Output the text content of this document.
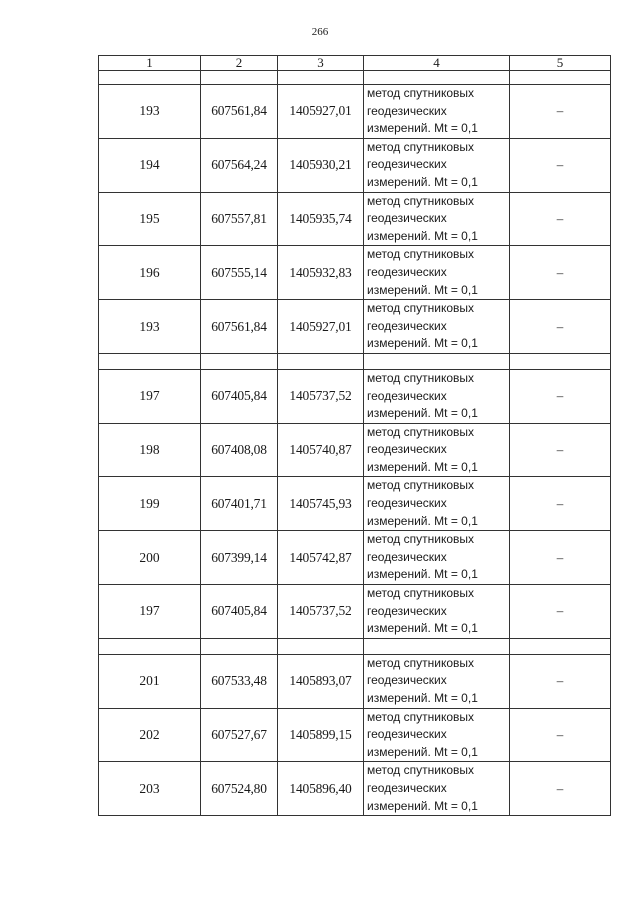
266
1	2	3	4	5

193	607561,84	1405927,01	метод спутниковых
геодезических
измерений. Mt = 0,1	–
194	607564,24	1405930,21	метод спутниковых
геодезических
измерений. Mt = 0,1	–
195	607557,81	1405935,74	метод спутниковых
геодезических
измерений. Mt = 0,1	–
196	607555,14	1405932,83	метод спутниковых
геодезических
измерений. Mt = 0,1	–
193	607561,84	1405927,01	метод спутниковых
геодезических
измерений. Mt = 0,1	–

197	607405,84	1405737,52	метод спутниковых
геодезических
измерений. Mt = 0,1	–
198	607408,08	1405740,87	метод спутниковых
геодезических
измерений. Mt = 0,1	–
199	607401,71	1405745,93	метод спутниковых
геодезических
измерений. Mt = 0,1	–
200	607399,14	1405742,87	метод спутниковых
геодезических
измерений. Mt = 0,1	–
197	607405,84	1405737,52	метод спутниковых
геодезических
измерений. Mt = 0,1	–

201	607533,48	1405893,07	метод спутниковых
геодезических
измерений. Mt = 0,1	–
202	607527,67	1405899,15	метод спутниковых
геодезических
измерений. Mt = 0,1	–
203	607524,80	1405896,40	метод спутниковых
геодезических
измерений. Mt = 0,1	–
